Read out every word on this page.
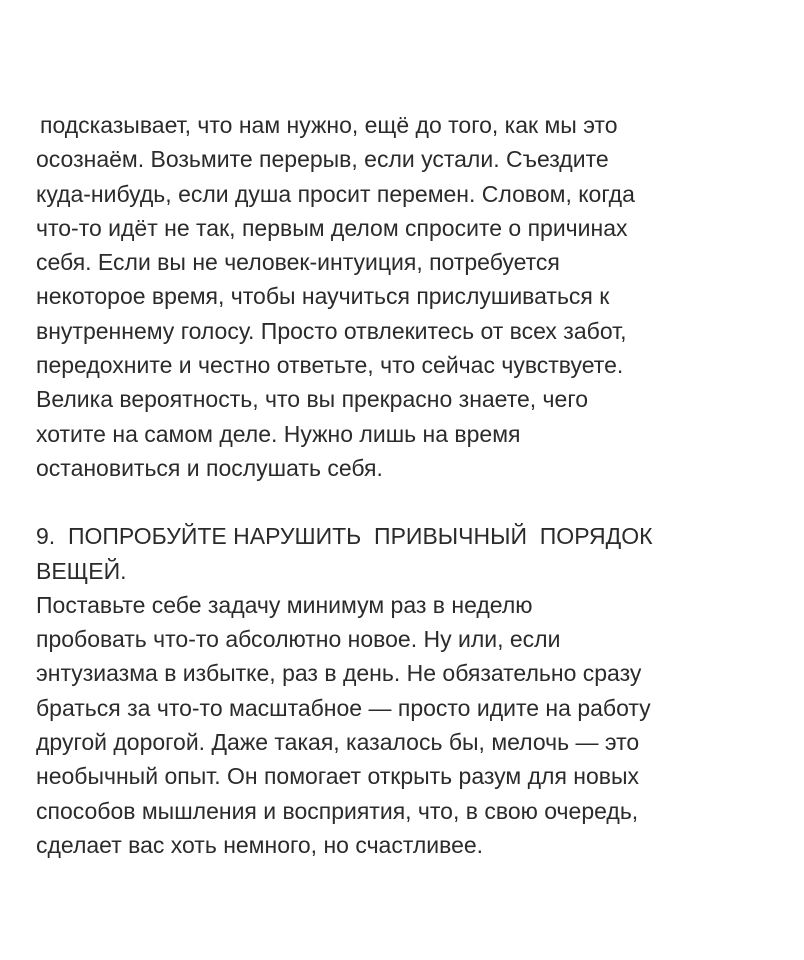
подсказывает, что нам нужно, ещё до того, как мы это
осознаём. Возьмите перерыв, если устали. Съездите
куда-нибудь, если душа просит перемен. Словом, когда
что-то идёт не так, первым делом спросите о причинах
себя. Если вы не человек-интуиция, потребуется
некоторое время, чтобы научиться прислушиваться к
внутреннему голосу. Просто отвлекитесь от всех забот,
передохните и честно ответьте, что сейчас чувствуете.
Велика вероятность, что вы прекрасно знаете, чего
хотите на самом деле. Нужно лишь на время
остановиться и послушать себя.

9.  ПОПРОБУЙТЕ НАРУШИТЬ  ПРИВЫЧНЫЙ  ПОРЯДОК
ВЕЩЕЙ.

Поставьте себе задачу минимум раз в неделю
пробовать что-то абсолютно новое. Ну или, если
энтузиазма в избытке, раз в день. Не обязательно сразу
браться за что-то масштабное — просто идите на работу
другой дорогой. Даже такая, казалось бы, мелочь — это
необычный опыт. Он помогает открыть разум для новых
способов мышления и восприятия, что, в свою очередь,
сделает вас хоть немного, но счастливее.
